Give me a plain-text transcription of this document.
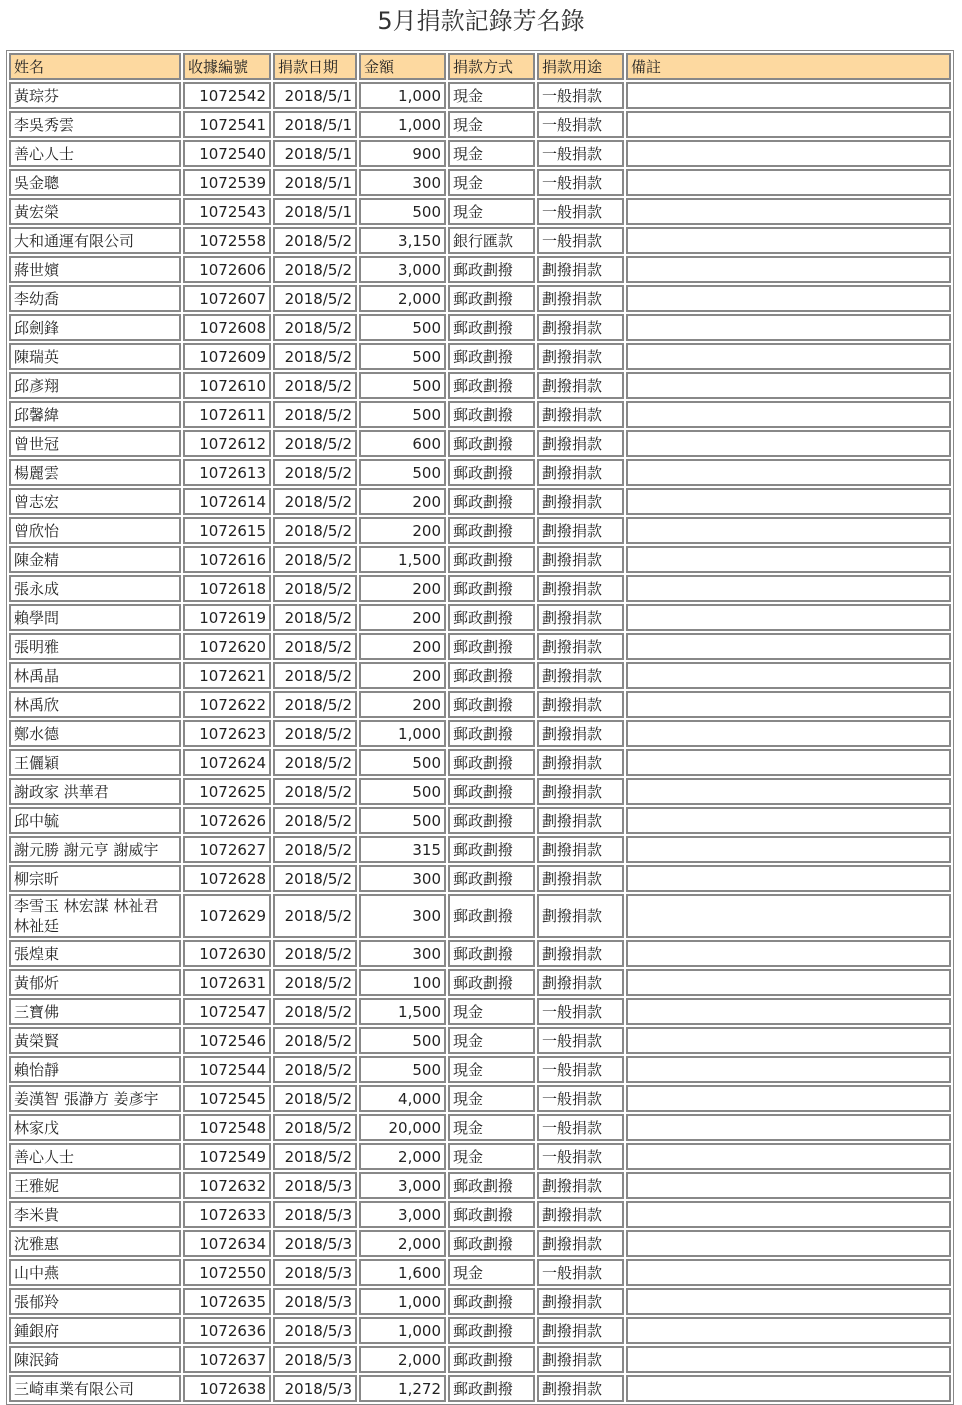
5月捐款記錄芳名錄
姓名	收據編號	捐款日期	金額	捐款方式	捐款用途	備註
黃琮芬	1072542	2018/5/1	1,000	現金	一般捐款	
李吳秀雲	1072541	2018/5/1	1,000	現金	一般捐款	
善心人士	1072540	2018/5/1	900	現金	一般捐款	
吳金聰	1072539	2018/5/1	300	現金	一般捐款	
黃宏榮	1072543	2018/5/1	500	現金	一般捐款	
大和通運有限公司	1072558	2018/5/2	3,150	銀行匯款	一般捐款	
蔣世嬪	1072606	2018/5/2	3,000	郵政劃撥	劃撥捐款	
李幼喬	1072607	2018/5/2	2,000	郵政劃撥	劃撥捐款	
邱劍鋒	1072608	2018/5/2	500	郵政劃撥	劃撥捐款	
陳瑞英	1072609	2018/5/2	500	郵政劃撥	劃撥捐款	
邱彥翔	1072610	2018/5/2	500	郵政劃撥	劃撥捐款	
邱馨緯	1072611	2018/5/2	500	郵政劃撥	劃撥捐款	
曾世冠	1072612	2018/5/2	600	郵政劃撥	劃撥捐款	
楊麗雲	1072613	2018/5/2	500	郵政劃撥	劃撥捐款	
曾志宏	1072614	2018/5/2	200	郵政劃撥	劃撥捐款	
曾欣怡	1072615	2018/5/2	200	郵政劃撥	劃撥捐款	
陳金精	1072616	2018/5/2	1,500	郵政劃撥	劃撥捐款	
張永成	1072618	2018/5/2	200	郵政劃撥	劃撥捐款	
賴學問	1072619	2018/5/2	200	郵政劃撥	劃撥捐款	
張明雅	1072620	2018/5/2	200	郵政劃撥	劃撥捐款	
林禹晶	1072621	2018/5/2	200	郵政劃撥	劃撥捐款	
林禹欣	1072622	2018/5/2	200	郵政劃撥	劃撥捐款	
鄭水德	1072623	2018/5/2	1,000	郵政劃撥	劃撥捐款	
王儷穎	1072624	2018/5/2	500	郵政劃撥	劃撥捐款	
謝政家 洪華君	1072625	2018/5/2	500	郵政劃撥	劃撥捐款	
邱中毓	1072626	2018/5/2	500	郵政劃撥	劃撥捐款	
謝元勝 謝元亨 謝威宇	1072627	2018/5/2	315	郵政劃撥	劃撥捐款	
柳宗昕	1072628	2018/5/2	300	郵政劃撥	劃撥捐款	
李雪玉 林宏謀 林祉君 林祉廷	1072629	2018/5/2	300	郵政劃撥	劃撥捐款	
張煌東	1072630	2018/5/2	300	郵政劃撥	劃撥捐款	
黃郁炘	1072631	2018/5/2	100	郵政劃撥	劃撥捐款	
三寶佛	1072547	2018/5/2	1,500	現金	一般捐款	
黃榮賢	1072546	2018/5/2	500	現金	一般捐款	
賴怡靜	1072544	2018/5/2	500	現金	一般捐款	
姜漢智 張瀞方 姜彥宇	1072545	2018/5/2	4,000	現金	一般捐款	
林家戊	1072548	2018/5/2	20,000	現金	一般捐款	
善心人士	1072549	2018/5/2	2,000	現金	一般捐款	
王雅妮	1072632	2018/5/3	3,000	郵政劃撥	劃撥捐款	
李米貴	1072633	2018/5/3	3,000	郵政劃撥	劃撥捐款	
沈雅惠	1072634	2018/5/3	2,000	郵政劃撥	劃撥捐款	
山中燕	1072550	2018/5/3	1,600	現金	一般捐款	
張郁羚	1072635	2018/5/3	1,000	郵政劃撥	劃撥捐款	
鍾銀府	1072636	2018/5/3	1,000	郵政劃撥	劃撥捐款	
陳泯錡	1072637	2018/5/3	2,000	郵政劃撥	劃撥捐款	
三崎車業有限公司	1072638	2018/5/3	1,272	郵政劃撥	劃撥捐款	
